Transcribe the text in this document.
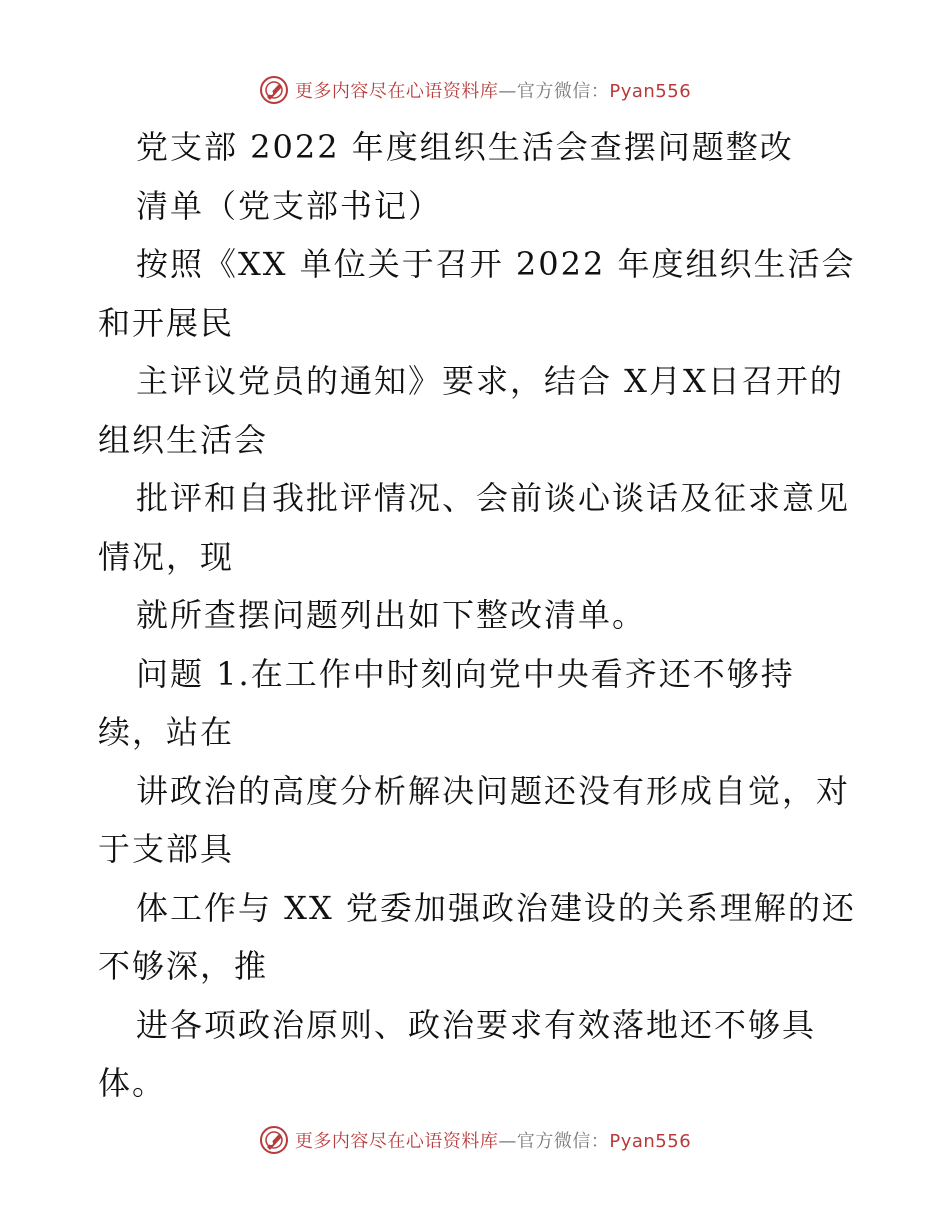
更多内容尽在心语资料库—官方微信：Pyan556
党支部 2022 年度组织生活会查摆问题整改
清单（党支部书记）
按照《XX 单位关于召开 2022 年度组织生活会
和开展民
主评议党员的通知》要求，结合 X月X日召开的
组织生活会
批评和自我批评情况、会前谈心谈话及征求意见
情况，现
就所查摆问题列出如下整改清单。
问题 1.在工作中时刻向党中央看齐还不够持
续，站在
讲政治的高度分析解决问题还没有形成自觉，对
于支部具
体工作与 XX 党委加强政治建设的关系理解的还
不够深，推
进各项政治原则、政治要求有效落地还不够具
体。
更多内容尽在心语资料库—官方微信：Pyan556
